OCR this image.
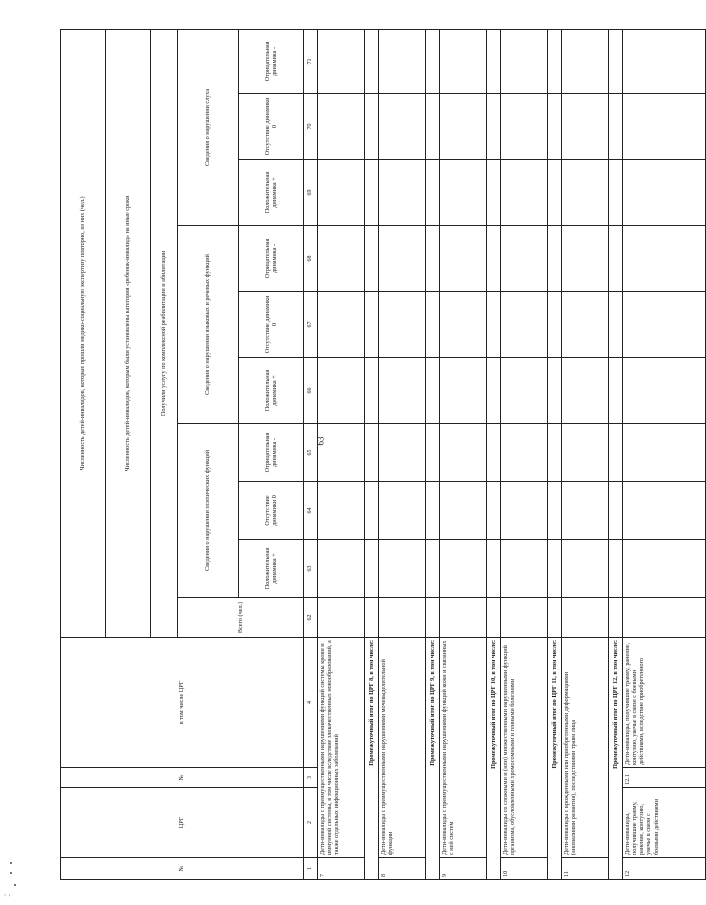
63
№	ЦРГ	№	в том числе ЦРГ	Численность детей-инвалидов, которые прошли медико-социальную экспертизу повторно, из них (чел.)									
				Численность детей-инвалидов, которым были установлены категория «ребенок-инвалид» на иные сроки									
				Получили услугу по комплексной реабилитации и абилитации									
				Всего (чел.)	Сведения о нарушении психических функций			Сведения о нарушении языковых и речевых функций			Сведения о нарушении слуха		
					Положительная динамика +	Отсутствие динамики 0	Отрицательная динамика -	Положительная динамика +	Отсутствие динамики 0	Отрицательная динамика -	Положительная динамика +	Отсутствие динамики 0	Отрицательная динамика -
1	2	3	4	62	63	64	65	66	67	68	69	70	71
7	Дети-инвалиды с преимущественными нарушениями функций системы крови и иммунной системы, в том числе вследствие злокачественных новообразований, а также отдельных инфекционных заболеваний												
Промежуточный итог по ЦРГ 8, в том числе:													
8	Дети-инвалиды с преимущественными нарушениями мочевыделительной функции												
Промежуточный итог по ЦРГ 9, в том числе:													
9	Дети-инвалиды с преимущественными нарушениями функций кожи и связанных с ней систем												
Промежуточный итог по ЦРГ 10, в том числе:													
10	Дети-инвалиды со сложными и (или) множественными нарушенными функций организма, обусловленными хромосомными и генными болезнями												
Промежуточный итог по ЦРГ 11, в том числе:													
11	Дети-инвалиды с врожденными или приобретенными деформациями (аномалиями развития), последствиями травм лица												
Промежуточный итог по ЦРГ 12, в том числе:													
12	Дети-инвалиды, получившие травму, ранение, контузию, увечье в связи с боевыми действиями	12.1	Дети-инвалиды, получившие травму, ранение, контузию, увечье в связи с боевыми действиями, вследствие приобретенного										
‹ ›
